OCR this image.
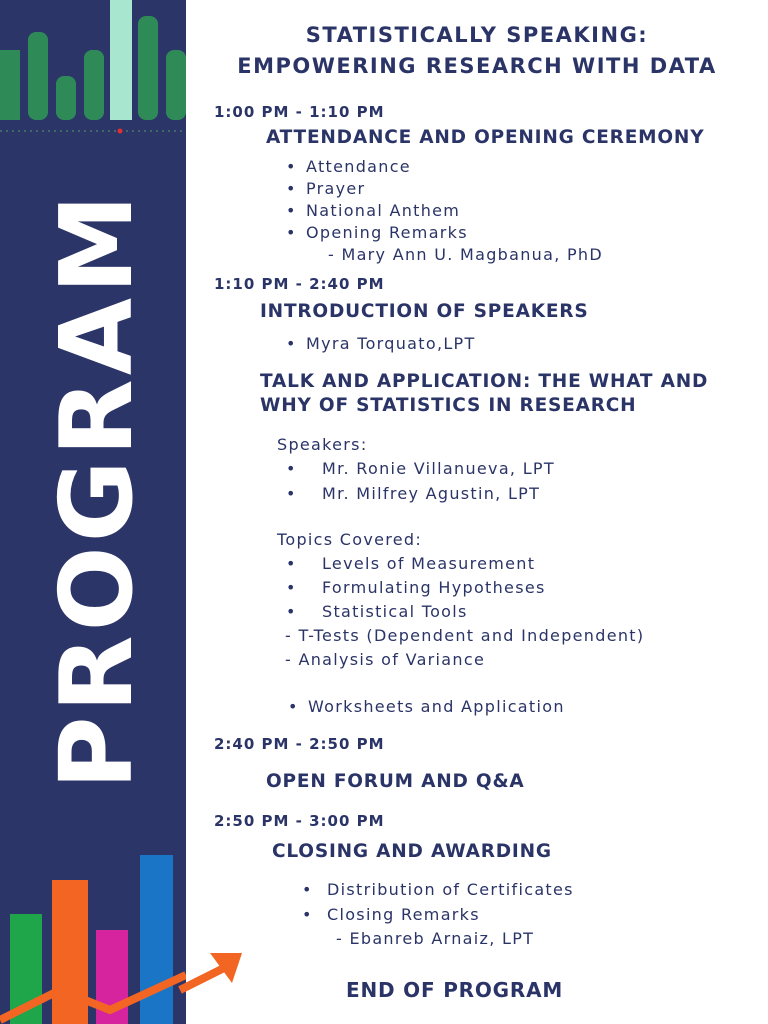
PROGRAM
STATISTICALLY SPEAKING:
EMPOWERING RESEARCH WITH DATA
1:00 PM - 1:10 PM
ATTENDANCE AND OPENING CEREMONY
• Attendance
• Prayer
• National Anthem
• Opening Remarks
- Mary Ann U. Magbanua, PhD
1:10 PM - 2:40 PM
INTRODUCTION OF SPEAKERS
• Myra Torquato,LPT
TALK AND APPLICATION: THE WHAT AND
WHY OF STATISTICS IN RESEARCH
Speakers:
• Mr. Ronie Villanueva, LPT
• Mr. Milfrey Agustin, LPT
Topics Covered:
• Levels of Measurement
• Formulating Hypotheses
• Statistical Tools
- T-Tests (Dependent and Independent)
- Analysis of Variance
• Worksheets and Application
2:40 PM - 2:50 PM
OPEN FORUM AND Q&A
2:50 PM - 3:00 PM
CLOSING AND AWARDING
• Distribution of Certificates
• Closing Remarks
- Ebanreb Arnaiz, LPT
END OF PROGRAM
